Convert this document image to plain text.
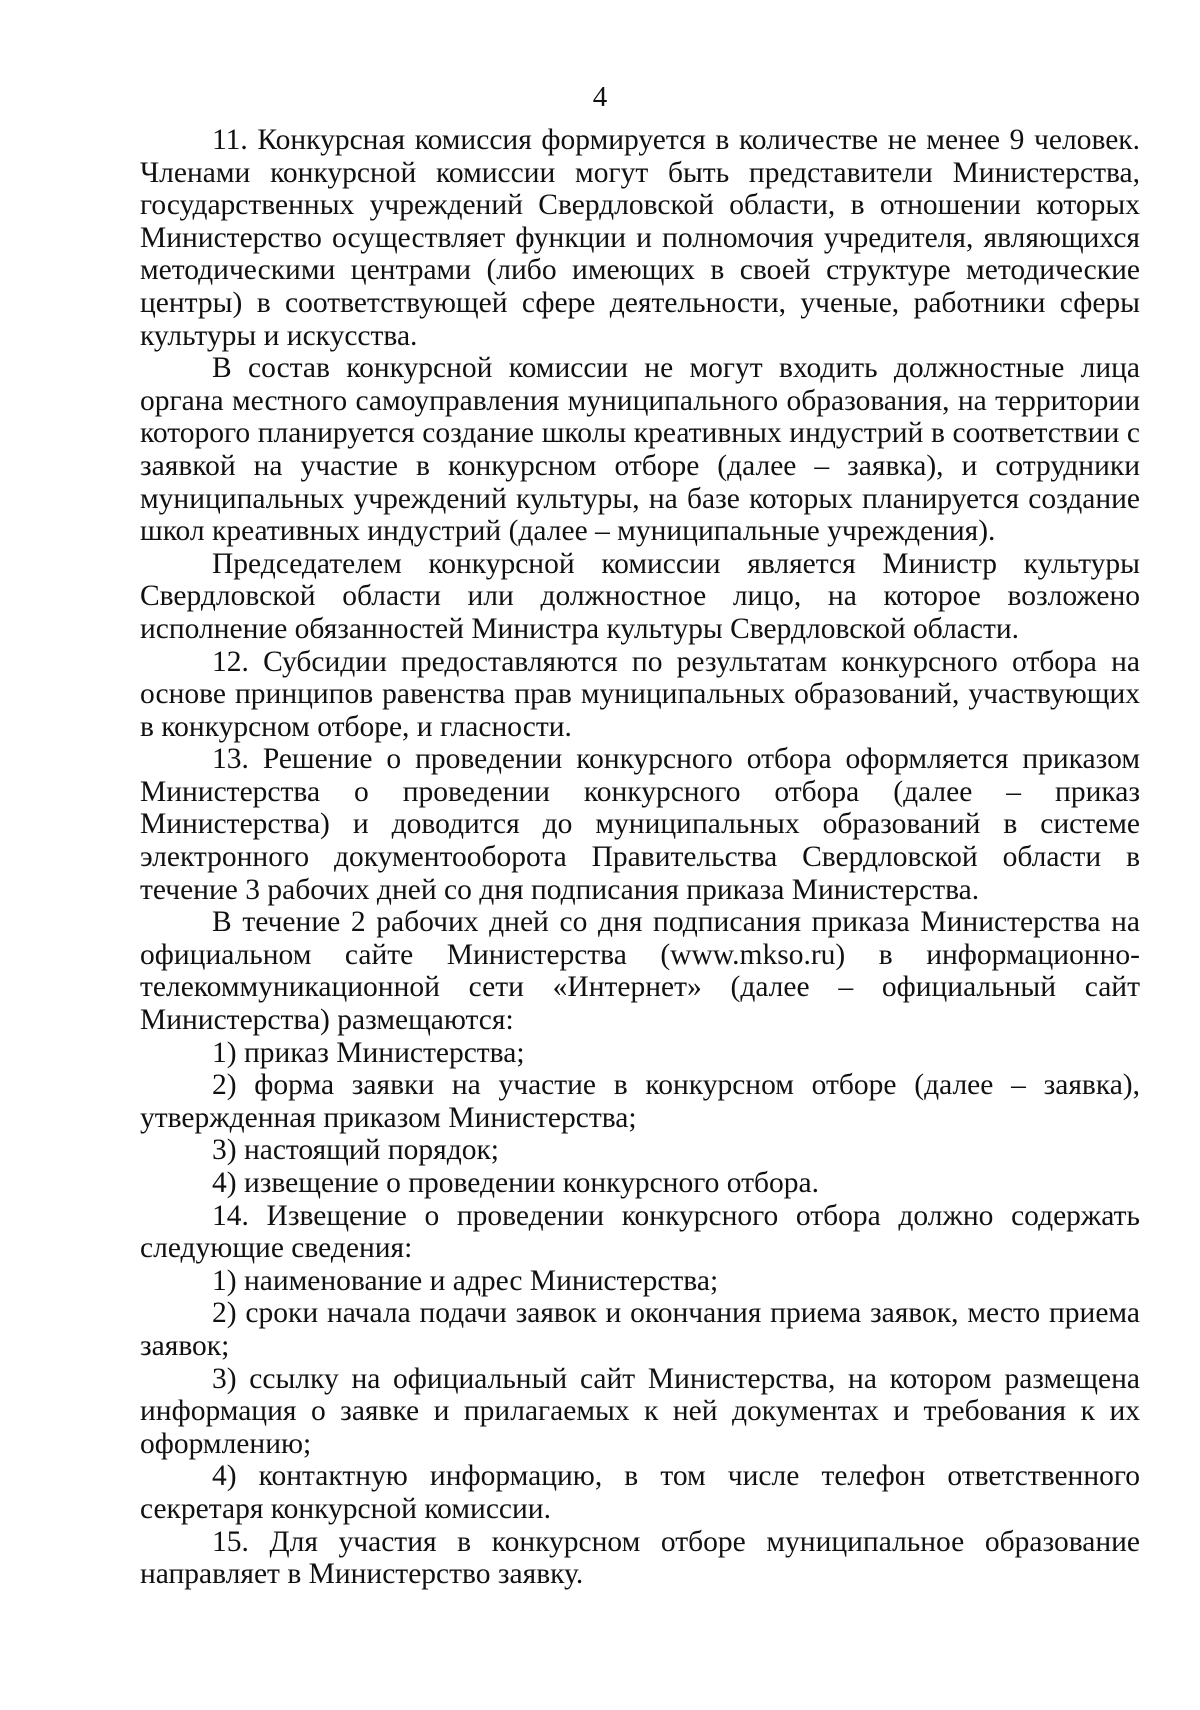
4

11. Конкурсная комиссия формируется в количестве не менее 9 человек. Членами конкурсной комиссии могут быть представители Министерства, государственных учреждений Свердловской области, в отношении которых Министерство осуществляет функции и полномочия учредителя, являющихся методическими центрами (либо имеющих в своей структуре методические центры) в соответствующей сфере деятельности, ученые, работники сферы культуры и искусства.

В состав конкурсной комиссии не могут входить должностные лица органа местного самоуправления муниципального образования, на территории которого планируется создание школы креативных индустрий в соответствии с заявкой на участие в конкурсном отборе (далее – заявка), и сотрудники муниципальных учреждений культуры, на базе которых планируется создание школ креативных индустрий (далее – муниципальные учреждения).

Председателем конкурсной комиссии является Министр культуры Свердловской области или должностное лицо, на которое возложено исполнение обязанностей Министра культуры Свердловской области.

12. Субсидии предоставляются по результатам конкурсного отбора на основе принципов равенства прав муниципальных образований, участвующих в конкурсном отборе, и гласности.

13. Решение о проведении конкурсного отбора оформляется приказом Министерства о проведении конкурсного отбора (далее – приказ Министерства) и доводится до муниципальных образований в системе электронного документооборота Правительства Свердловской области в течение 3 рабочих дней со дня подписания приказа Министерства.

В течение 2 рабочих дней со дня подписания приказа Министерства на официальном сайте Министерства (www.mkso.ru) в информационно-телекоммуникационной сети «Интернет» (далее – официальный сайт Министерства) размещаются:

1) приказ Министерства;

2) форма заявки на участие в конкурсном отборе (далее – заявка), утвержденная приказом Министерства;

3) настоящий порядок;

4) извещение о проведении конкурсного отбора.

14. Извещение о проведении конкурсного отбора должно содержать следующие сведения:

1) наименование и адрес Министерства;

2) сроки начала подачи заявок и окончания приема заявок, место приема заявок;

3) ссылку на официальный сайт Министерства, на котором размещена информация о заявке и прилагаемых к ней документах и требования к их оформлению;

4) контактную информацию, в том числе телефон ответственного секретаря конкурсной комиссии.

15. Для участия в конкурсном отборе муниципальное образование направляет в Министерство заявку.
